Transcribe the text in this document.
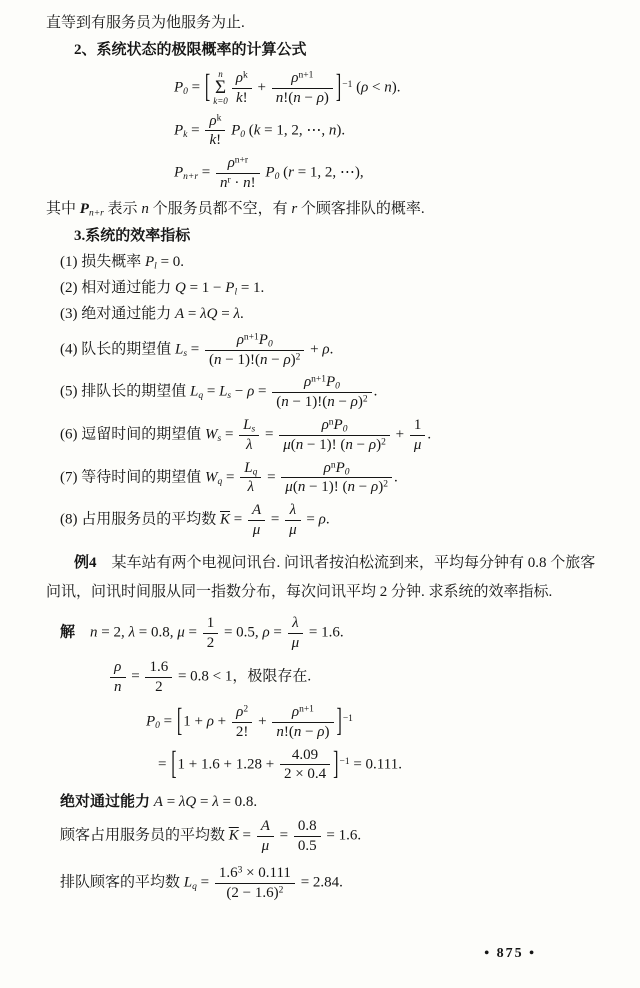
直等到有服务员为他服务为止.
2、系统状态的极限概率的计算公式
P0 = [ n
Σ
$k=0 \frac{\rho^k}{k!} + \frac{\rho^{n+1}}{n!(n - \rho)} ]^{-1}$ (ρ < n).
$Pk = \frac{\rho^k}{k!} P0$ (k = 1, 2, ⋯, n).
$Pn+r = \frac{\rho^{n+r}}{n^r \cdot n!} P0$ (r = 1, 2, ⋯),
其中 Pn+r 表示 n 个服务员都不空，有 r 个顾客排队的概率.
3.系统的效率指标
(1) 损失概率 Pl = 0.
(2) 相对通过能力 Q = 1 − Pl = 1.
(3) 绝对通过能力 A = λQ = λ.
(4) 队长的期望值 $Ls = \frac{\rho^{n+1}P0}{(n - 1)!(n - \rho)^2} + \rho$.
(5) 排队长的期望值 $Lq = Ls - \rho = \frac{\rho^{n+1}P0}{(n - 1)!(n - \rho)^2}$ .
(6) 逗留时间的期望值 $Ws = \frac{Ls}{\lambda} = \frac{\rho^nP0}{\mu(n - 1)! (n - \rho)^2} + \frac{1}{\mu}$ .
(7) 等待时间的期望值 $Wq = \frac{Lq}{\lambda} = \frac{\rho^nP0}{\mu(n - 1)! (n - \rho)^2}$ .
(8) 占用服务员的平均数 $\overline{K} = \frac{A}{\mu} = \frac{\lambda}{\mu} = \rho$.
例4　某车站有两个电视问讯台. 问讯者按泊松流到来，平均每分钟有 0.8 个旅客问讯，问讯时间服从同一指数分布，每次问讯平均 2 分钟. 求系统的效率指标.
解　 n = 2, λ = 0.8, $\mu = \frac{1}{2} = 0.5$, $\rho = \frac{\lambda}{\mu} = 1.6$.
$\frac{\rho}{n} = \frac{1.6}{2} = 0.8 < 1$，极限存在.
$P0 = [1 + \rho + \frac{\rho^2}{2!} + \frac{\rho^{n+1}}{n!(n - \rho)} ]^{-1}$
= $[1 + 1.6 + 1.28 + \frac{4.09}{2 \times 0.4} ]^{-1} = 0.111$.
绝对通过能力 A = λQ = λ = 0.8.
顾客占用服务员的平均数 $\overline{K} = \frac{A}{\mu} = \frac{0.8}{0.5} = 1.6$.
排队顾客的平均数 $Lq = \frac{1.6^3 \times 0.111}{(2 - 1.6)^2} = 2.84$.
• 875 •
